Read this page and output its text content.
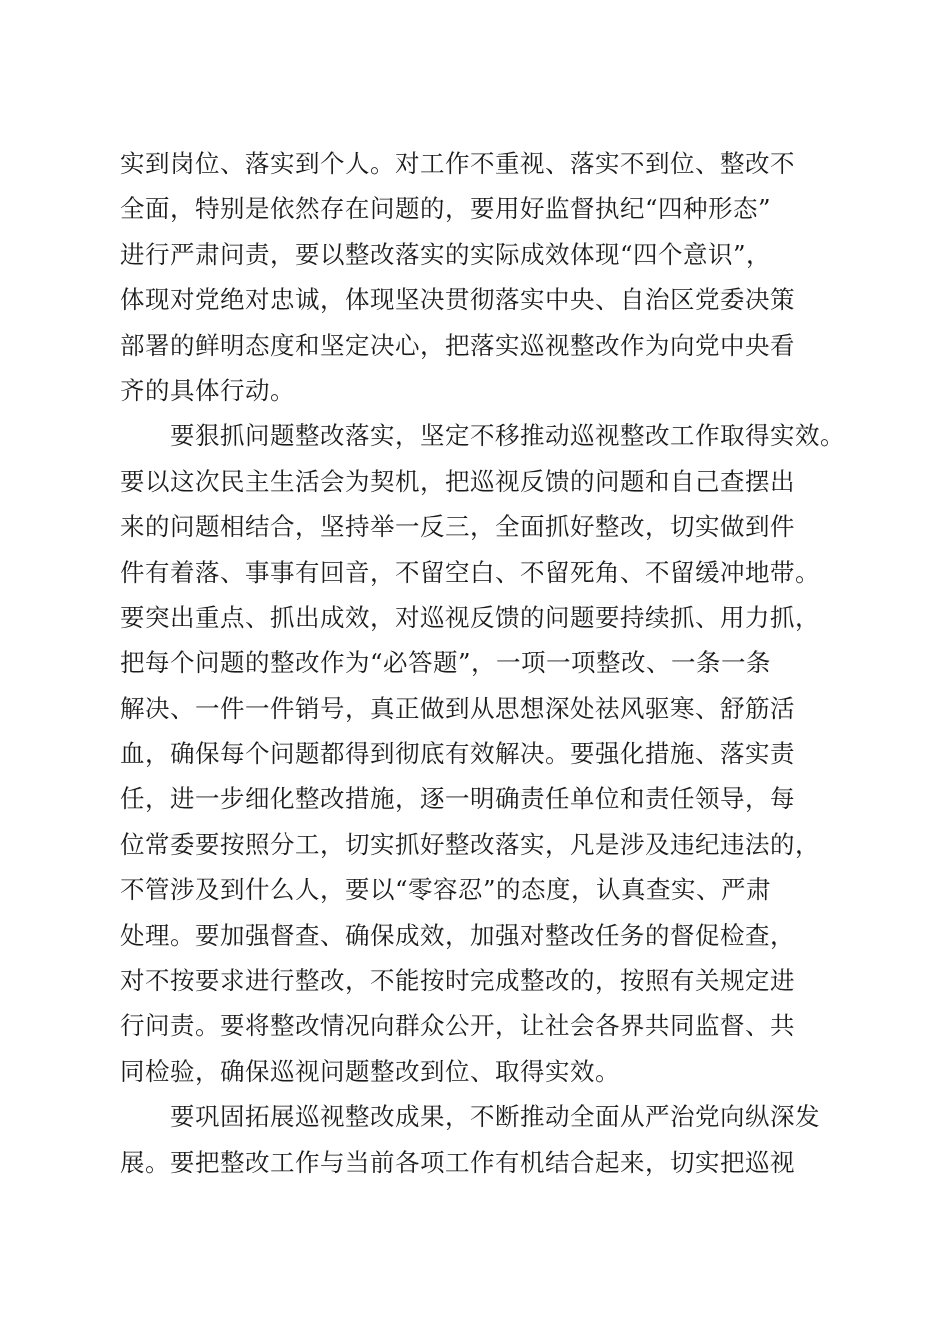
实到岗位、落实到个人。对工作不重视、落实不到位、整改不
全面，特别是依然存在问题的，要用好监督执纪“四种形态”
进行严肃问责，要以整改落实的实际成效体现“四个意识”，
体现对党绝对忠诚，体现坚决贯彻落实中央、自治区党委决策
部署的鲜明态度和坚定决心，把落实巡视整改作为向党中央看
齐的具体行动。
　　要狠抓问题整改落实，坚定不移推动巡视整改工作取得实效。
要以这次民主生活会为契机，把巡视反馈的问题和自己查摆出
来的问题相结合，坚持举一反三，全面抓好整改，切实做到件
件有着落、事事有回音，不留空白、不留死角、不留缓冲地带。
要突出重点、抓出成效，对巡视反馈的问题要持续抓、用力抓，
把每个问题的整改作为“必答题”，一项一项整改、一条一条
解决、一件一件销号，真正做到从思想深处祛风驱寒、舒筋活
血，确保每个问题都得到彻底有效解决。要强化措施、落实责
任，进一步细化整改措施，逐一明确责任单位和责任领导，每
位常委要按照分工，切实抓好整改落实，凡是涉及违纪违法的，
不管涉及到什么人，要以“零容忍”的态度，认真查实、严肃
处理。要加强督查、确保成效，加强对整改任务的督促检查，
对不按要求进行整改，不能按时完成整改的，按照有关规定进
行问责。要将整改情况向群众公开，让社会各界共同监督、共
同检验，确保巡视问题整改到位、取得实效。
　　要巩固拓展巡视整改成果，不断推动全面从严治党向纵深发
展。要把整改工作与当前各项工作有机结合起来，切实把巡视
